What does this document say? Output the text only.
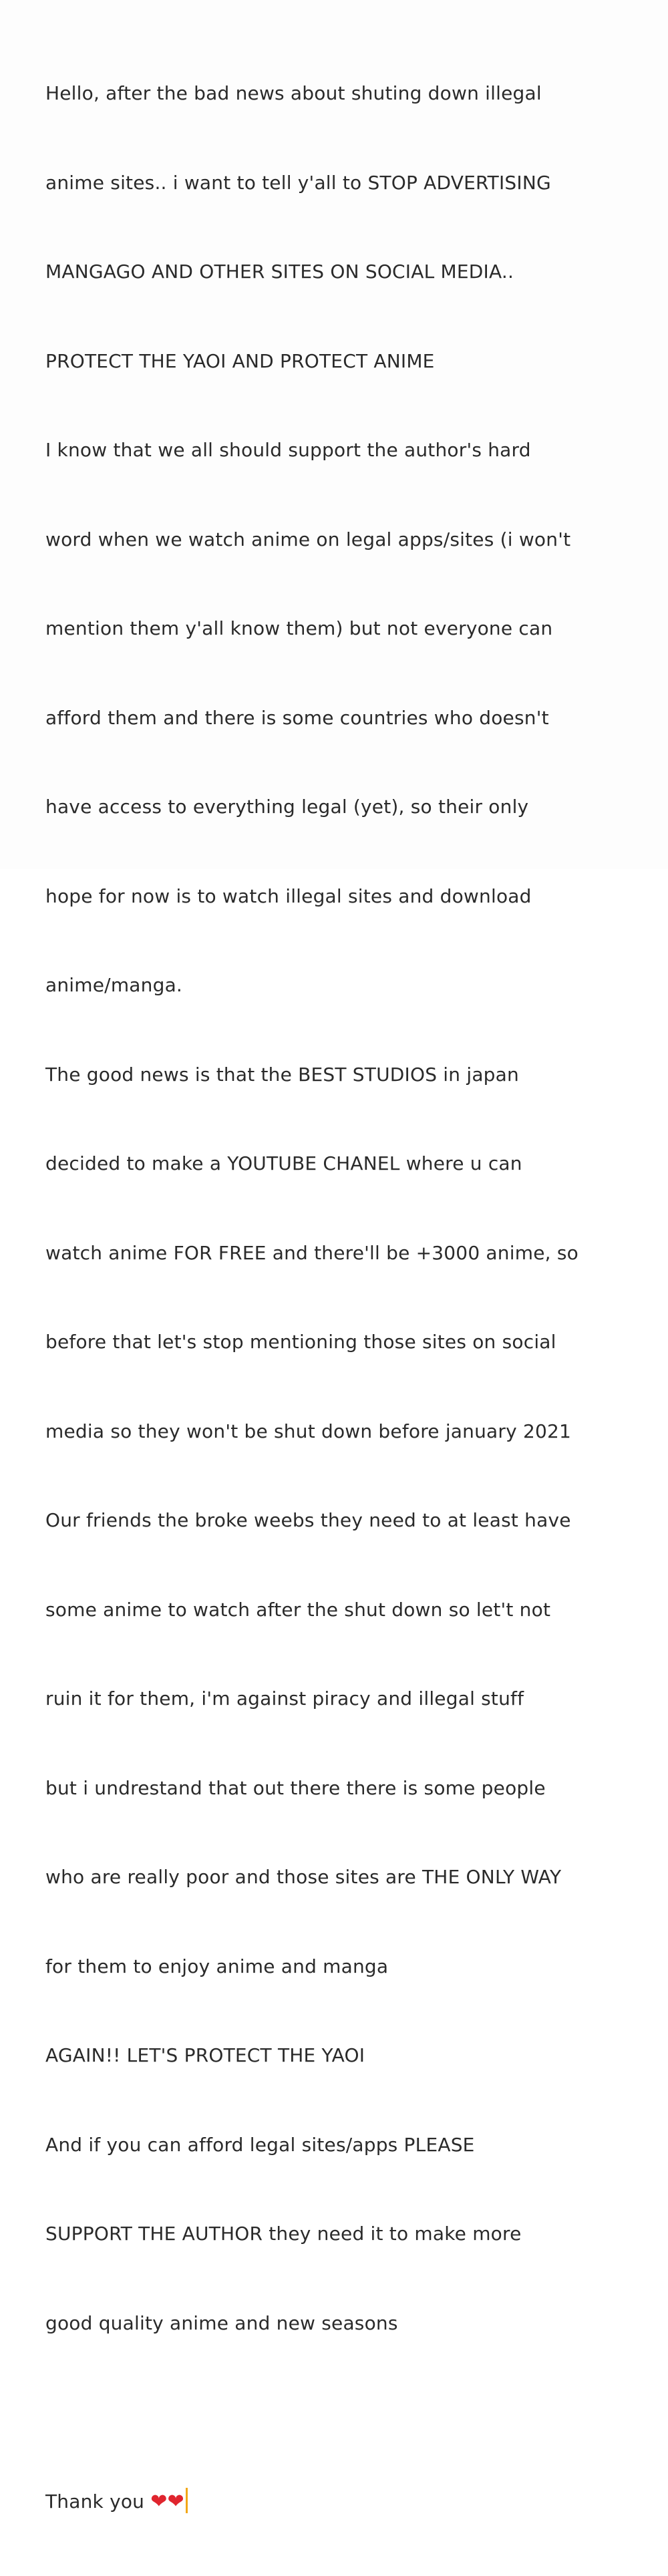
Hello, after the bad news about shuting down illegal

anime sites.. i want to tell y'all to STOP ADVERTISING

MANGAGO AND OTHER SITES ON SOCIAL MEDIA..

PROTECT THE YAOI AND PROTECT ANIME

I know that we all should support the author's hard

word when we watch anime on legal apps/sites (i won't

mention them y'all know them) but not everyone can

afford them and there is some countries who doesn't

have access to everything legal (yet), so their only

hope for now is to watch illegal sites and download

anime/manga.

The good news is that the BEST STUDIOS in japan

decided to make a YOUTUBE CHANEL where u can

watch anime FOR FREE and there'll be +3000 anime, so

before that let's stop mentioning those sites on social

media so they won't be shut down before january 2021

Our friends the broke weebs they need to at least have

some anime to watch after the shut down so let't not

ruin it for them, i'm against piracy and illegal stuff

but i undrestand that out there there is some people

who are really poor and those sites are THE ONLY WAY

for them to enjoy anime and manga

AGAIN!! LET'S PROTECT THE YAOI

And if you can afford legal sites/apps PLEASE

SUPPORT THE AUTHOR they need it to make more

good quality anime and new seasons

Thank you ❤❤
